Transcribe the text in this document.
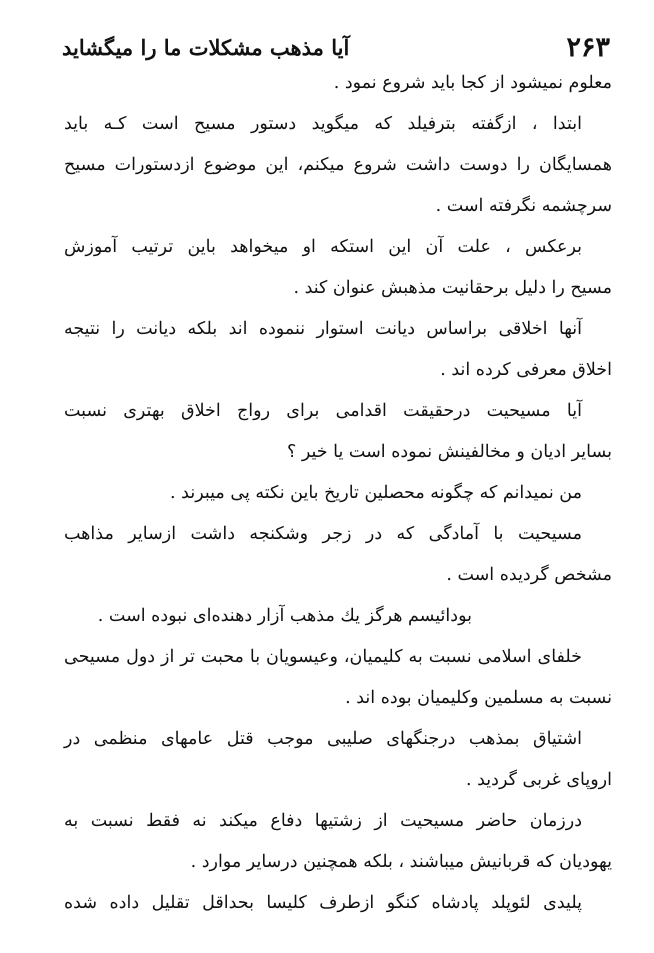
۲۶۳
آیا مذهب مشکلات ما را میگشاید
معلوم نمیشود از کجا باید شروع نمود .
ابتدا ، ازگفته بترفیلد که میگوید دستور مسیح است کـه باید
همسایگان را دوست داشت شروع میکنم، این موضوع ازدستورات مسیح
سرچشمه نگرفته است .
برعکس ، علت آن این استکه او میخواهد باین ترتیب آموزش
مسیح را دلیل برحقانیت مذهبش عنوان کند .
آنها اخلاقی براساس دیانت استوار ننموده اند بلکه دیانت را نتیجه
اخلاق معرفی کرده اند .
آیا مسیحیت درحقیقت اقدامی برای رواج اخلاق بهتری نسبت
بسایر ادیان و مخالفینش نموده است یا خیر ؟
من نمیدانم که چگونه محصلین تاریخ باین نکته پی میبرند .
مسیحیت با آمادگی که در زجر وشکنجه داشت ازسایر مذاهب
مشخص گردیده است .
بودائیسم هرگز یك مذهب آزار دهنده‌ای نبوده است .
خلفای اسلامی نسبت به کلیمیان، وعیسویان با محبت تر از دول مسیحی
نسبت به مسلمین وکلیمیان بوده اند .
اشتیاق بمذهب درجنگهای صلیبی موجب قتل عامهای منظمی در
اروپای غربی گردید .
درزمان حاضر مسیحیت از زشتیها دفاع میکند نه فقط نسبت به
یهودیان که قربانیش میباشند ، بلکه همچنین درسایر موارد .
پلیدی لئوپلد پادشاه کنگو ازطرف کلیسا بحداقل تقلیل داده شده
